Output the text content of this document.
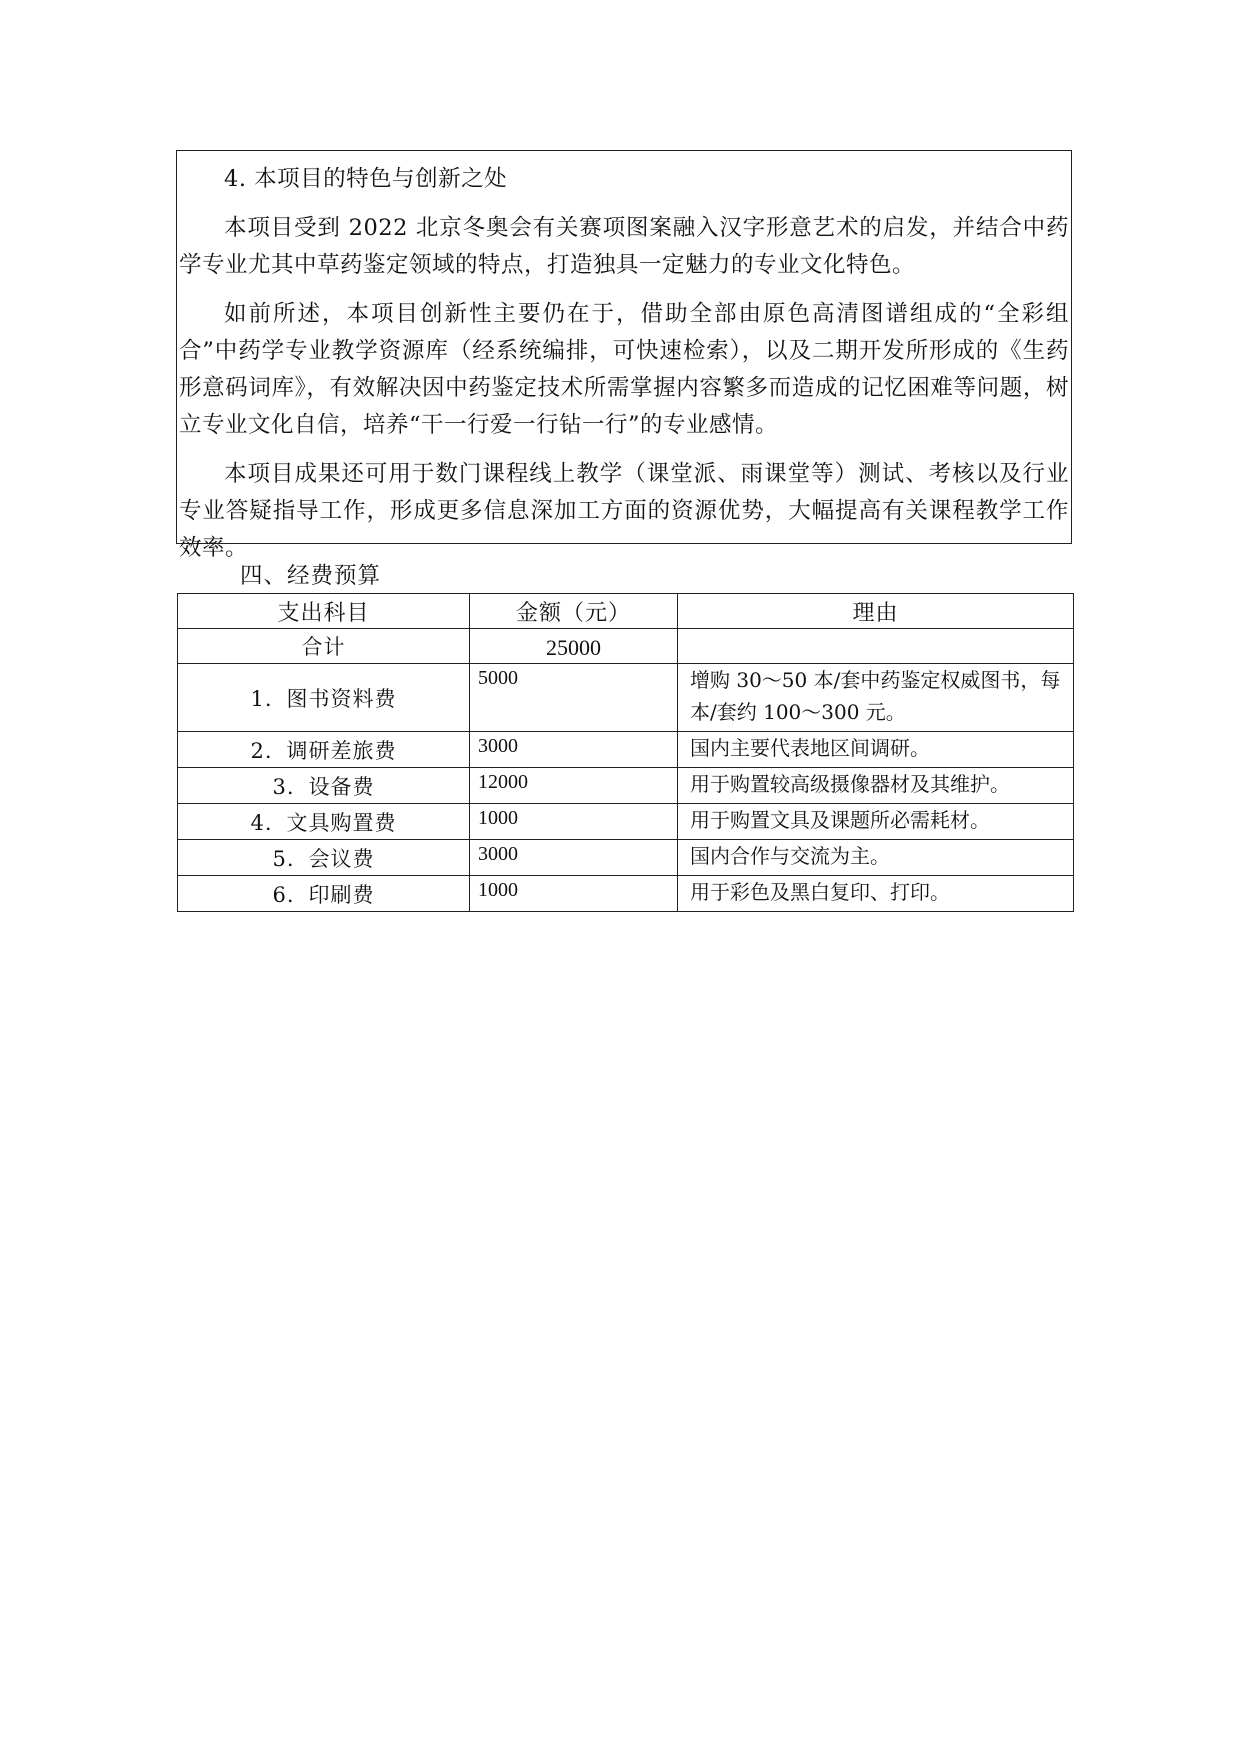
4. 本项目的特色与创新之处

本项目受到 2022 北京冬奥会有关赛项图案融入汉字形意艺术的启发，并结合中药学专业尤其中草药鉴定领域的特点，打造独具一定魅力的专业文化特色。

如前所述，本项目创新性主要仍在于，借助全部由原色高清图谱组成的“全彩组合”中药学专业教学资源库（经系统编排，可快速检索），以及二期开发所形成的《生药形意码词库》，有效解决因中药鉴定技术所需掌握内容繁多而造成的记忆困难等问题，树立专业文化自信，培养“干一行爱一行钻一行”的专业感情。

本项目成果还可用于数门课程线上教学（课堂派、雨课堂等）测试、考核以及行业专业答疑指导工作，形成更多信息深加工方面的资源优势，大幅提高有关课程教学工作效率。

四、经费预算
支出科目	金额（元）	理由
合计	25000	
1. 图书资料费	5000	增购 30～50 本/套中药鉴定权威图书，每本/套约 100～300 元。
2. 调研差旅费	3000	国内主要代表地区间调研。
3. 设备费	12000	用于购置较高级摄像器材及其维护。
4. 文具购置费	1000	用于购置文具及课题所必需耗材。
5. 会议费	3000	国内合作与交流为主。
6. 印刷费	1000	用于彩色及黑白复印、打印。
